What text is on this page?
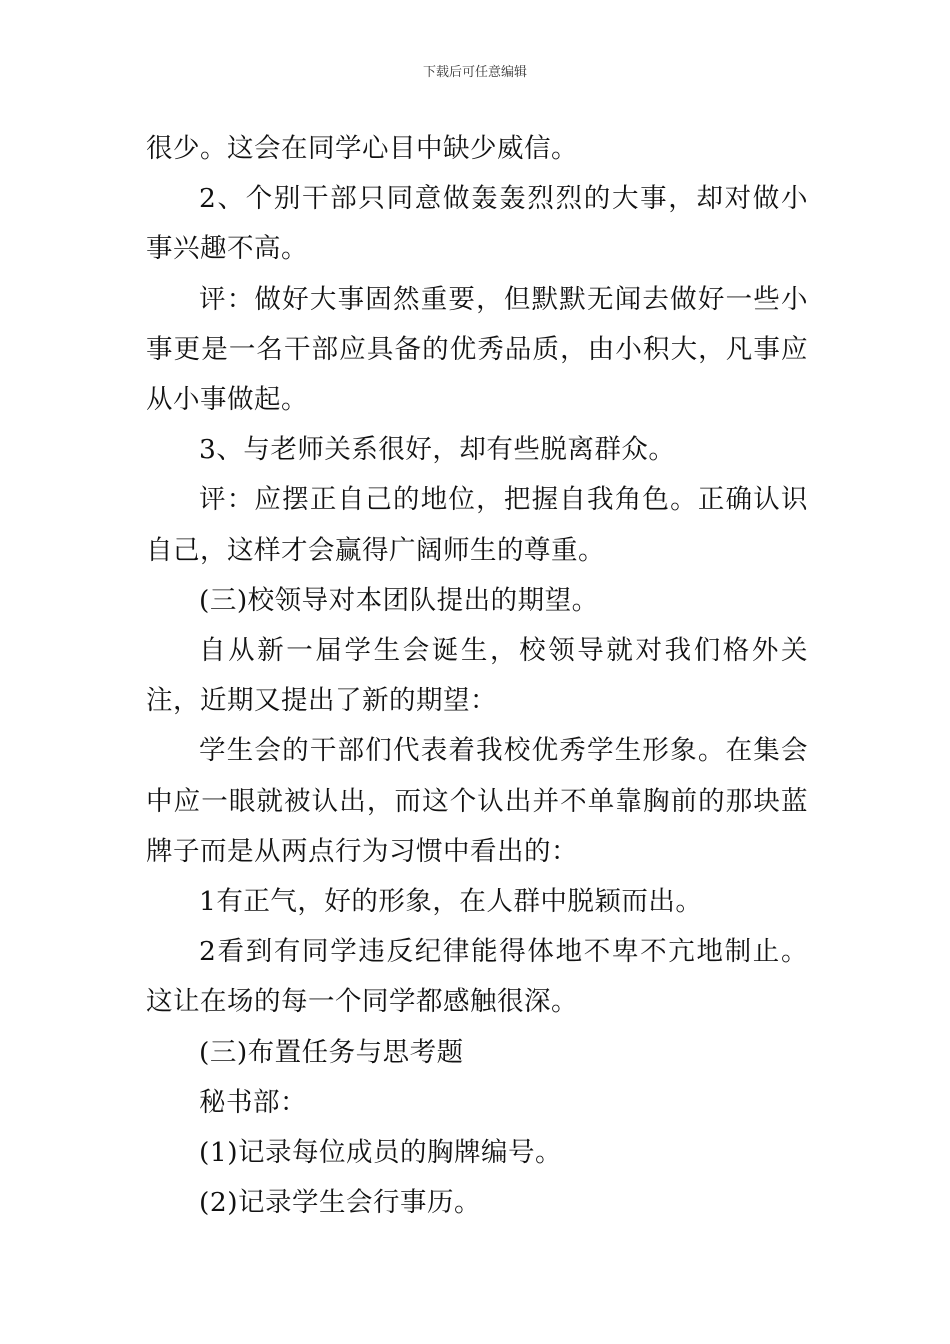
下载后可任意编辑

很少。这会在同学心目中缺少威信。

2、个别干部只同意做轰轰烈烈的大事，却对做小事兴趣不高。

评：做好大事固然重要，但默默无闻去做好一些小事更是一名干部应具备的优秀品质，由小积大，凡事应从小事做起。

3、与老师关系很好，却有些脱离群众。

评：应摆正自己的地位，把握自我角色。正确认识自己，这样才会赢得广阔师生的尊重。

(三)校领导对本团队提出的期望。

自从新一届学生会诞生，校领导就对我们格外关注，近期又提出了新的期望：

学生会的干部们代表着我校优秀学生形象。在集会中应一眼就被认出，而这个认出并不单靠胸前的那块蓝牌子而是从两点行为习惯中看出的：

1有正气，好的形象，在人群中脱颖而出。

2看到有同学违反纪律能得体地不卑不亢地制止。这让在场的每一个同学都感触很深。

(三)布置任务与思考题

秘书部：

(1)记录每位成员的胸牌编号。

(2)记录学生会行事历。
